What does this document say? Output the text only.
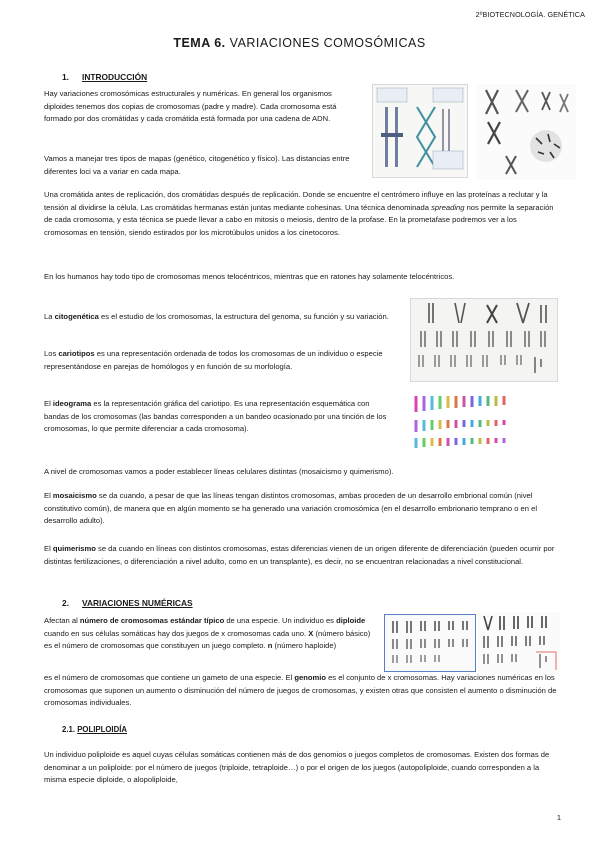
2ºBIOTECNOLOGÍA. GENÉTICA
TEMA 6. VARIACIONES COMOSÓMICAS
1. INTRODUCCIÓN

Hay variaciones cromosómicas estructurales y numéricas. En general los organismos diploides tenemos dos copias de cromosomas (padre y madre). Cada cromosoma está formado por dos cromátidas y cada cromátida está formada por una cadena de ADN.

Vamos a manejar tres tipos de mapas (genético, citogenético y físico). Las distancias entre diferentes loci va a variar en cada mapa.

Una cromátida antes de replicación, dos cromátidas después de replicación. Donde se encuentre el centrómero influye en las proteínas a reclutar y la tensión al dividirse la célula. Las cromátidas hermanas están juntas mediante cohesinas. Una técnica denominada spreading nos permite la separación de cada cromosoma, y esta técnica se puede llevar a cabo en mitosis o meiosis, dentro de la profase. En la prometafase podremos ver a los cromosomas en tensión, siendo estirados por los microtúbulos unidos a los cinetocoros.

En los humanos hay todo tipo de cromosomas menos telocéntricos, mientras que en ratones hay solamente telocéntricos.

La citogenética es el estudio de los cromosomas, la estructura del genoma, su función y su variación.

Los cariotipos es una representación ordenada de todos los cromosomas de un individuo o especie representándose en parejas de homólogos y en función de su morfología.

El ideograma es la representación gráfica del cariotipo. Es una representación esquemática con bandas de los cromosomas (las bandas corresponden a un bandeo ocasionado por una tinción de los cromosomas, lo que permite diferenciar a cada cromosoma).

A nivel de cromosomas vamos a poder establecer líneas celulares distintas (mosaicismo y quimerismo).

El mosaicismo se da cuando, a pesar de que las líneas tengan distintos cromosomas, ambas proceden de un desarrollo embrional común (nivel constitutivo común), de manera que en algún momento se ha generado una variación cromosómica (en el desarrollo embrionario temprano o en el desarrollo adulto).

El quimerismo se da cuando en líneas con distintos cromosomas, estas diferencias vienen de un origen diferente de diferenciación (pueden ocurrir por distintas fertilizaciones, o diferenciación a nivel adulto, como en un transplante), es decir, no se encuentran relacionadas a nivel constitucional.

2. VARIACIONES NUMÉRICAS

Afectan al número de cromosomas estándar típico de una especie. Un individuo es diploide cuando en sus células somáticas hay dos juegos de x cromosomas cada uno. X (número básico) es el número de cromosomas que constituyen un juego completo. n (número haploide)

es el número de cromosomas que contiene un gameto de una especie. El genomio es el conjunto de x cromosomas. Hay variaciones numéricas en los cromosomas que suponen un aumento o disminución del número de juegos de cromosomas, y existen otras que consisten el aumento o disminución de cromosomas individuales.

2.1. POLIPLOIDÍA

Un individuo poliploide es aquel cuyas células somáticas contienen más de dos genomios o juegos completos de cromosomas. Existen dos formas de denominar a un poliploide: por el número de juegos (triploide, tetraploide…) o por el origen de los juegos (autopoliploide, cuando corresponden a la misma especie diploide, o alopoliploide,

1
